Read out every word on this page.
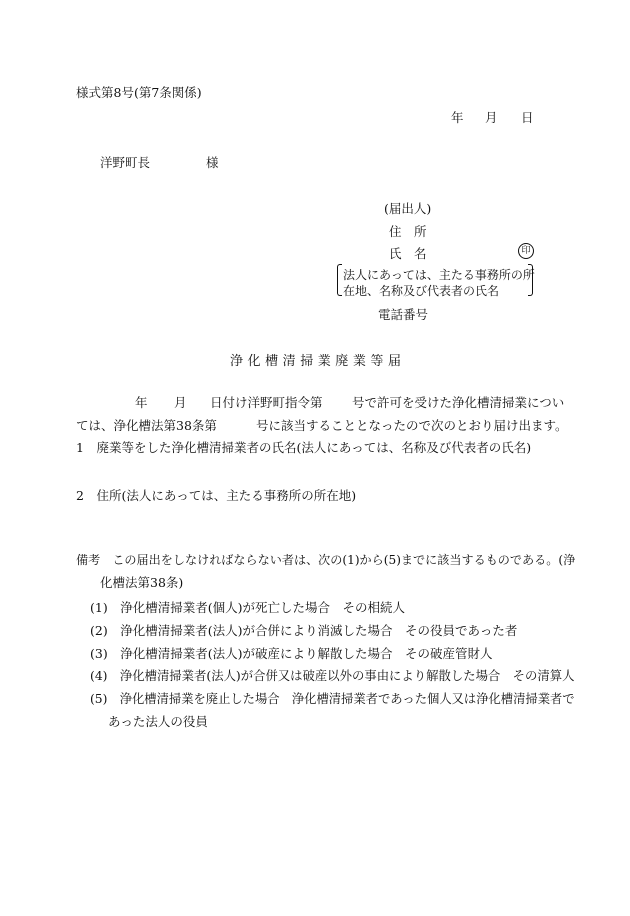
様式第8号(第7条関係)
年 月 日
洋野町長	様
(届出人)
住　所
氏　名	印
法人にあっては、主たる事務所の所
在地、名称及び代表者の氏名
電話番号
浄化槽清掃業廃業等届
年 月 日付け洋野町指令第 号で許可を受けた浄化槽清掃業につい
ては、浄化槽法第38条第	号に該当することとなったので次のとおり届け出ます。
1　廃業等をした浄化槽清掃業者の氏名(法人にあっては、名称及び代表者の氏名)
2　住所(法人にあっては、主たる事務所の所在地)
備考　この届出をしなければならない者は、次の(1)から(5)までに該当するものである。(浄
化槽法第38条)
(1)　浄化槽清掃業者(個人)が死亡した場合　その相続人
(2)　浄化槽清掃業者(法人)が合併により消滅した場合　その役員であった者
(3)　浄化槽清掃業者(法人)が破産により解散した場合　その破産管財人
(4)　浄化槽清掃業者(法人)が合併又は破産以外の事由により解散した場合　その清算人
(5)　浄化槽清掃業を廃止した場合　浄化槽清掃業者であった個人又は浄化槽清掃業者で
あった法人の役員
